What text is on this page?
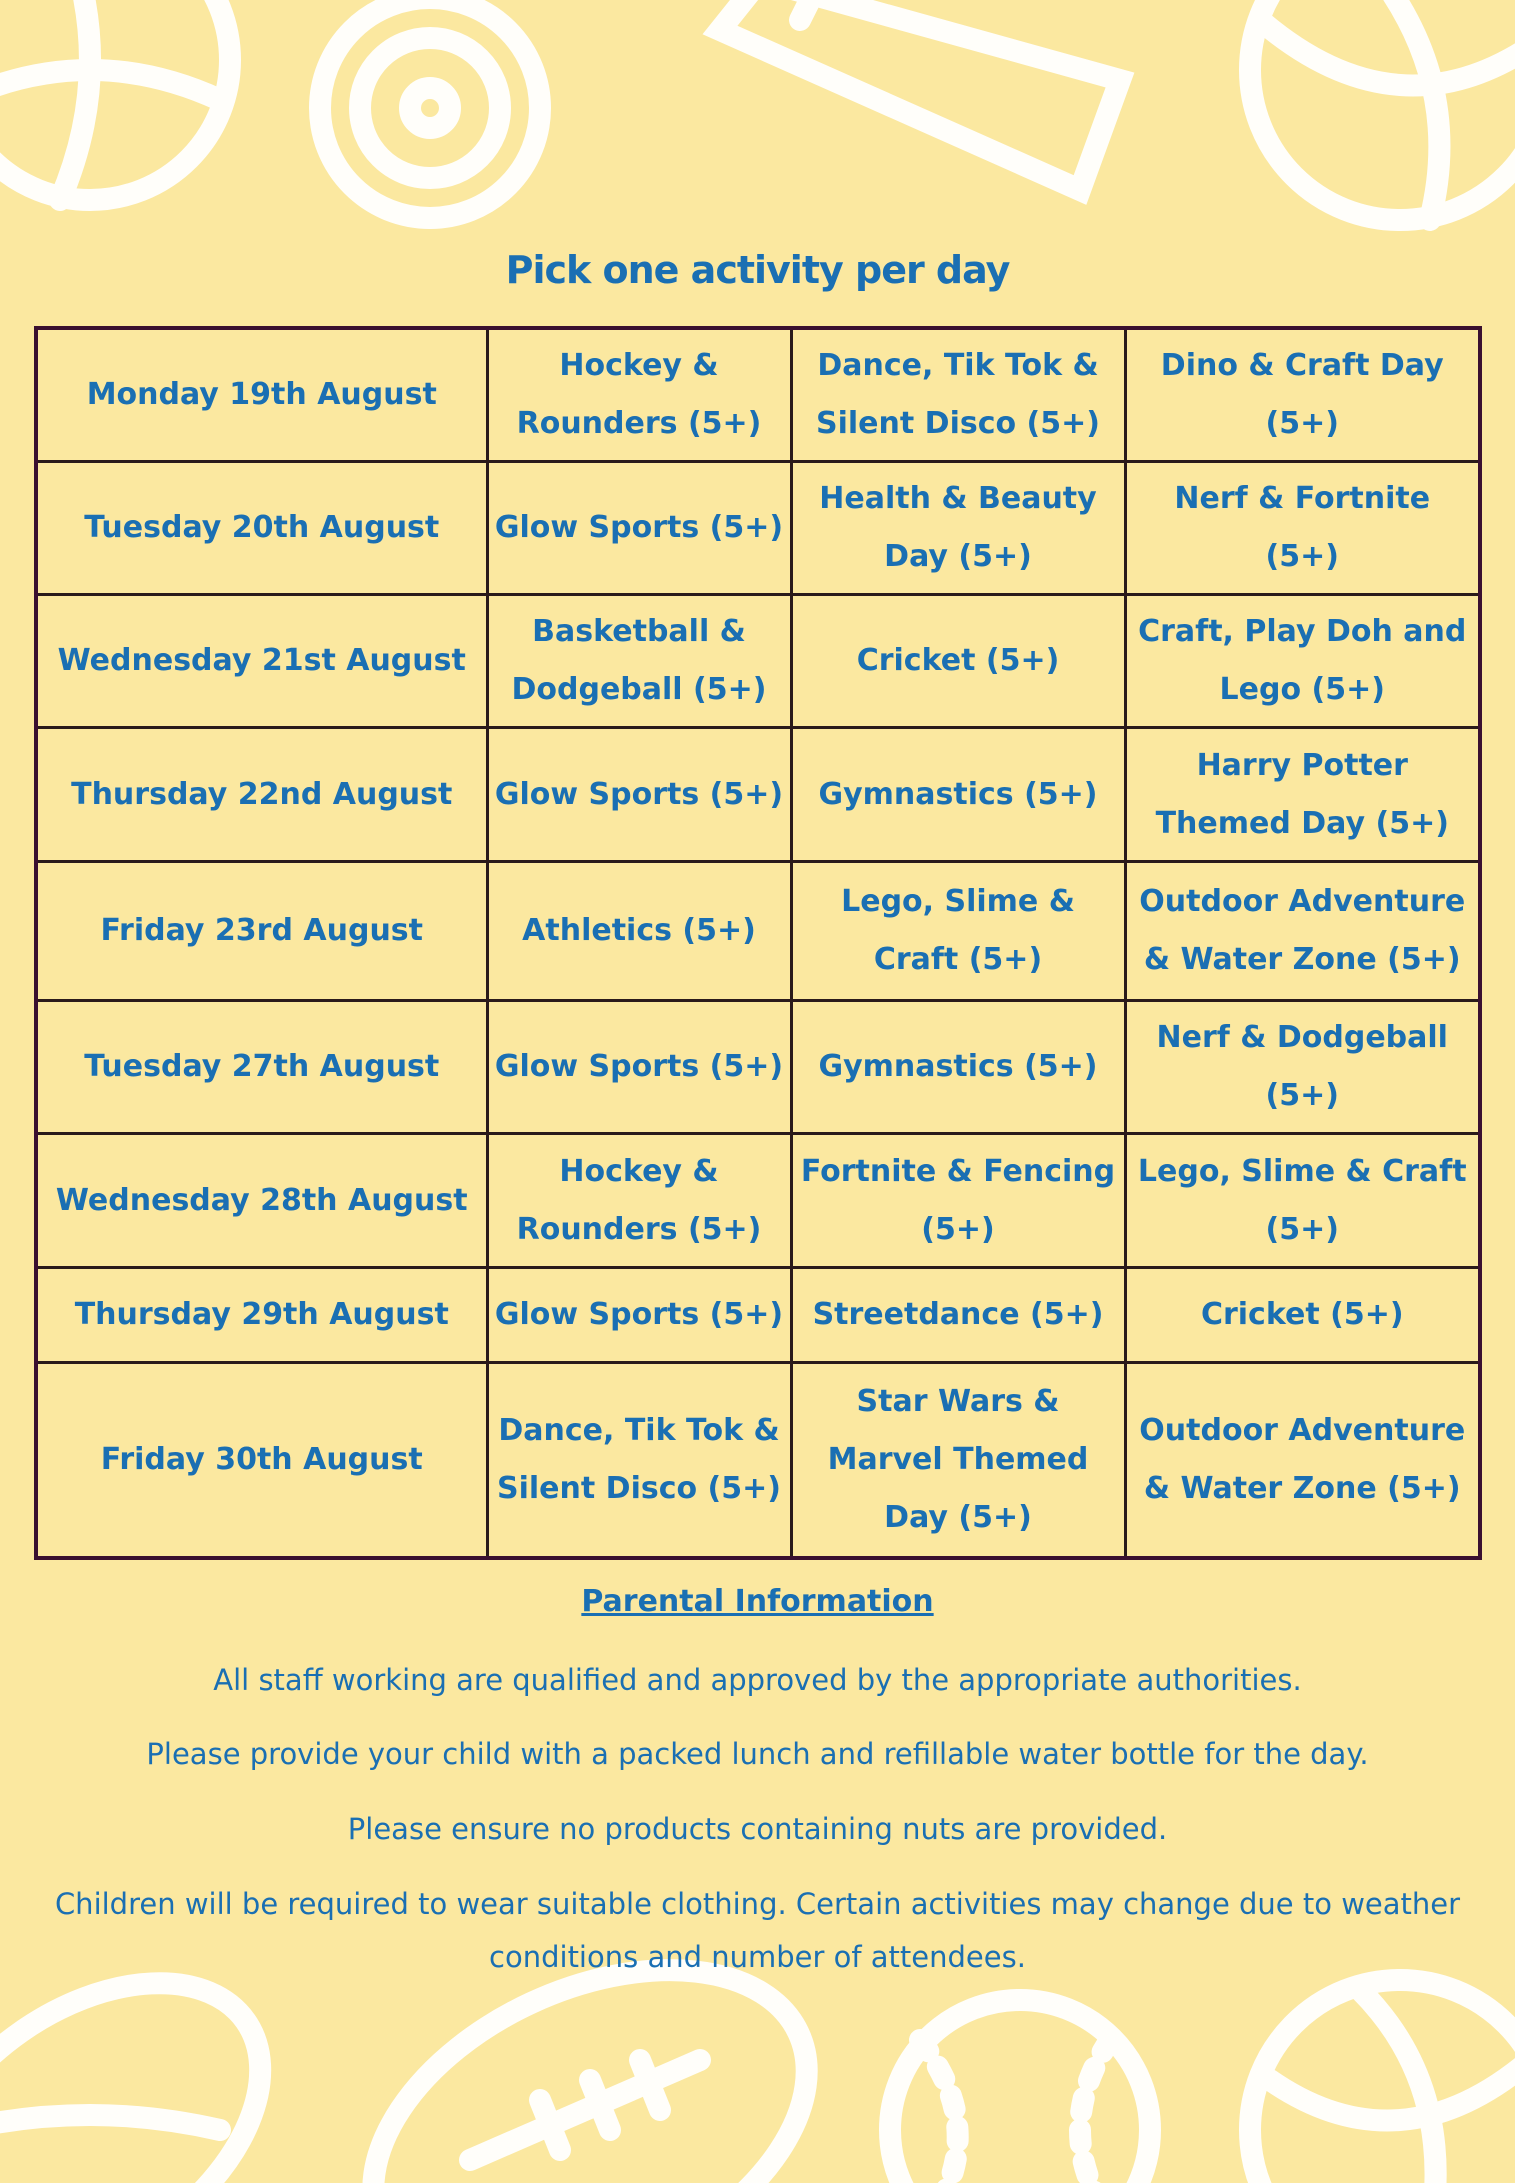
Pick one activity per day
Monday 19th August	Hockey & Rounders (5+)	Dance, Tik Tok & Silent Disco (5+)	Dino & Craft Day (5+)
Tuesday 20th August	Glow Sports (5+)	Health & Beauty Day (5+)	Nerf & Fortnite (5+)
Wednesday 21st August	Basketball & Dodgeball (5+)	Cricket (5+)	Craft, Play Doh and Lego (5+)
Thursday 22nd August	Glow Sports (5+)	Gymnastics (5+)	Harry Potter Themed Day (5+)
Friday 23rd August	Athletics (5+)	Lego, Slime & Craft (5+)	Outdoor Adventure & Water Zone (5+)
Tuesday 27th August	Glow Sports (5+)	Gymnastics (5+)	Nerf & Dodgeball (5+)
Wednesday 28th August	Hockey & Rounders (5+)	Fortnite & Fencing (5+)	Lego, Slime & Craft (5+)
Thursday 29th August	Glow Sports (5+)	Streetdance (5+)	Cricket (5+)
Friday 30th August	Dance, Tik Tok & Silent Disco (5+)	Star Wars & Marvel Themed Day (5+)	Outdoor Adventure & Water Zone (5+)
Parental Information
All staff working are qualified and approved by the appropriate authorities.
Please provide your child with a packed lunch and refillable water bottle for the day.
Please ensure no products containing nuts are provided.
Children will be required to wear suitable clothing. Certain activities may change due to weather conditions and number of attendees.
